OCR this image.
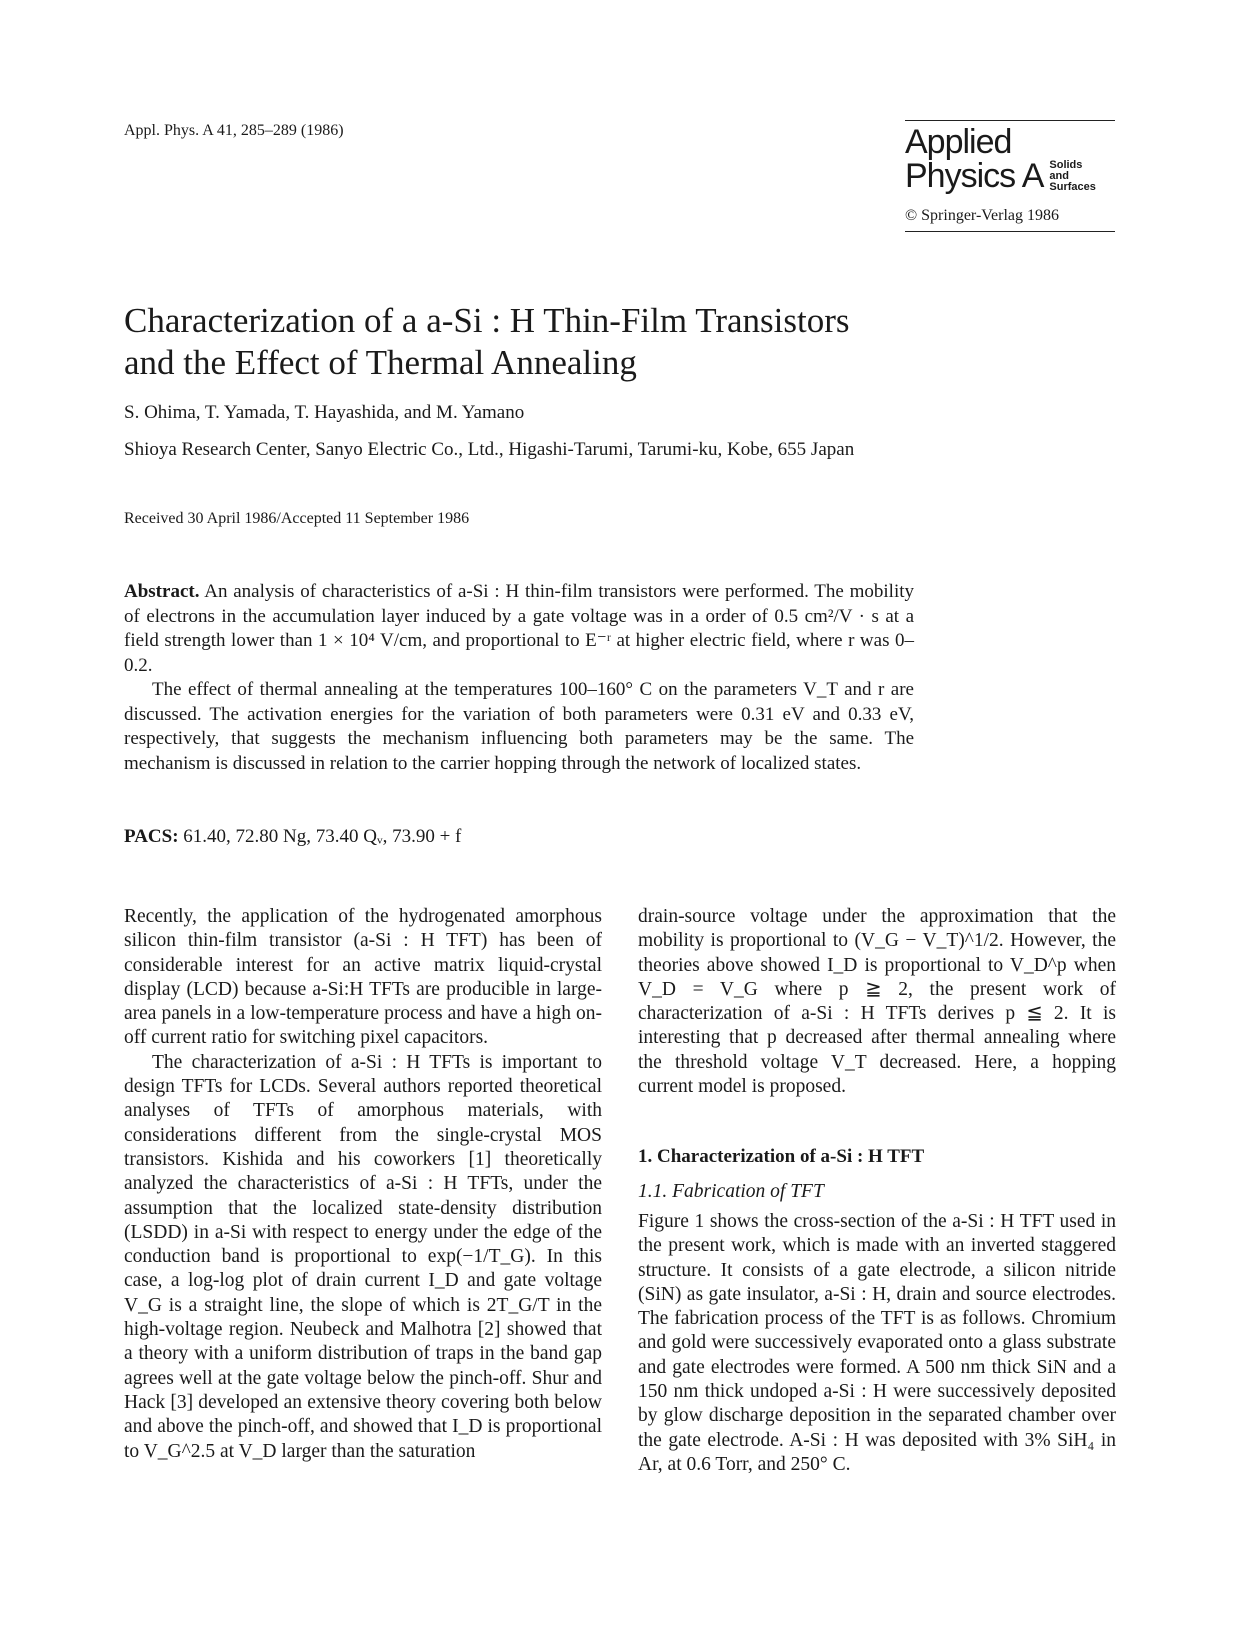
Appl. Phys. A 41, 285–289 (1986)	Applied
Physics A Solids and Surfaces
© Springer-Verlag 1986
Characterization of a a-Si : H Thin-Film Transistors
and the Effect of Thermal Annealing
S. Ohima, T. Yamada, T. Hayashida, and M. Yamano
Shioya Research Center, Sanyo Electric Co., Ltd., Higashi-Tarumi, Tarumi-ku, Kobe, 655 Japan
Received 30 April 1986/Accepted 11 September 1986

Abstract. An analysis of characteristics of a-Si : H thin-film transistors were performed. The mobility of electrons in the accumulation layer induced by a gate voltage was in a order of 0.5 cm²/V · s at a field strength lower than 1 × 10⁴ V/cm, and proportional to E⁻ʳ at higher electric field, where r was 0–0.2.

The effect of thermal annealing at the temperatures 100–160° C on the parameters V_T and r are discussed. The activation energies for the variation of both parameters were 0.31 eV and 0.33 eV, respectively, that suggests the mechanism influencing both parameters may be the same. The mechanism is discussed in relation to the carrier hopping through the network of localized states.

PACS: 61.40, 72.80 Ng, 73.40 Qᵥ, 73.90 + f

Recently, the application of the hydrogenated amorphous silicon thin-film transistor (a-Si : H TFT) has been of considerable interest for an active matrix liquid-crystal display (LCD) because a-Si:H TFTs are producible in large-area panels in a low-temperature process and have a high on-off current ratio for switching pixel capacitors.

The characterization of a-Si : H TFTs is important to design TFTs for LCDs. Several authors reported theoretical analyses of TFTs of amorphous materials, with considerations different from the single-crystal MOS transistors. Kishida and his coworkers [1] theoretically analyzed the characteristics of a-Si : H TFTs, under the assumption that the localized state-density distribution (LSDD) in a-Si with respect to energy under the edge of the conduction band is proportional to exp(−1/T_G). In this case, a log-log plot of drain current I_D and gate voltage V_G is a straight line, the slope of which is 2T_G/T in the high-voltage region. Neubeck and Malhotra [2] showed that a theory with a uniform distribution of traps in the band gap agrees well at the gate voltage below the pinch-off. Shur and Hack [3] developed an extensive theory covering both below and above the pinch-off, and showed that I_D is proportional to V_G^2.5 at V_D larger than the saturation

drain-source voltage under the approximation that the mobility is proportional to (V_G − V_T)^1/2. However, the theories above showed I_D is proportional to V_D^p when V_D = V_G where p ≧ 2, the present work of characterization of a-Si : H TFTs derives p ≦ 2. It is interesting that p decreased after thermal annealing where the threshold voltage V_T decreased. Here, a hopping current model is proposed.

1. Characterization of a-Si : H TFT
1.1. Fabrication of TFT

Figure 1 shows the cross-section of the a-Si : H TFT used in the present work, which is made with an inverted staggered structure. It consists of a gate electrode, a silicon nitride (SiN) as gate insulator, a-Si : H, drain and source electrodes. The fabrication process of the TFT is as follows. Chromium and gold were successively evaporated onto a glass substrate and gate electrodes were formed. A 500 nm thick SiN and a 150 nm thick undoped a-Si : H were successively deposited by glow discharge deposition in the separated chamber over the gate electrode. A-Si : H was deposited with 3% SiH₄ in Ar, at 0.6 Torr, and 250° C.
